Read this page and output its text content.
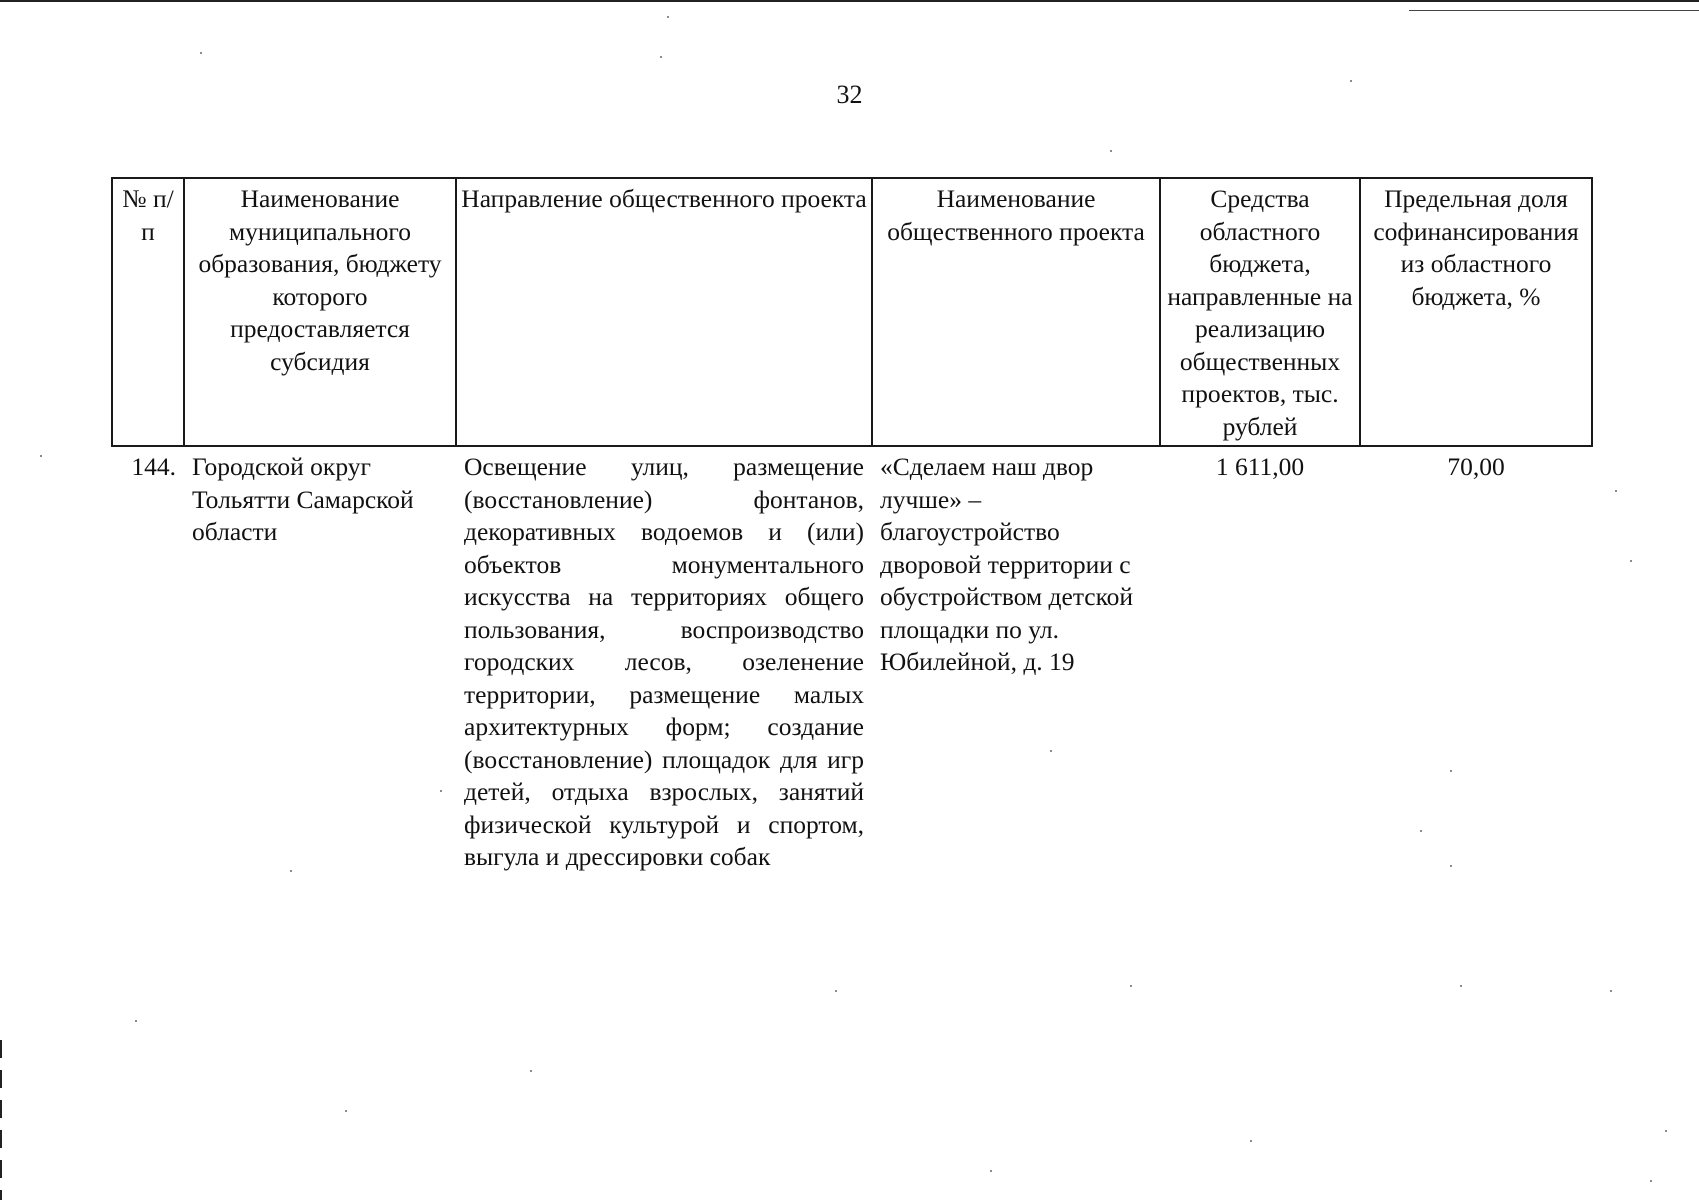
32
№ п/п	Наименование муниципального образования, бюджету которого предоставляется субсидия	Направление общественного проекта	Наименование общественного проекта	Средства областного бюджета, направленные на реализацию общественных проектов, тыс. рублей	Предельная доля софинансирования из областного бюджета, %
144.	Городской округ Тольятти Самарской области	Освещение улиц, размещение (восстановление) фонтанов, декоративных водоемов и (или) объектов монументального искусства на территориях общего пользования, воспроизводство городских лесов, озеленение территории, размещение малых архитектурных форм; создание (восстановление) площадок для игр детей, отдыха взрослых, занятий физической культурой и спортом, выгула и дрессировки собак	«Сделаем наш двор лучше» – благоустройство дворовой территории с обустройством детской площадки по ул. Юбилейной, д. 19	1 611,00	70,00
